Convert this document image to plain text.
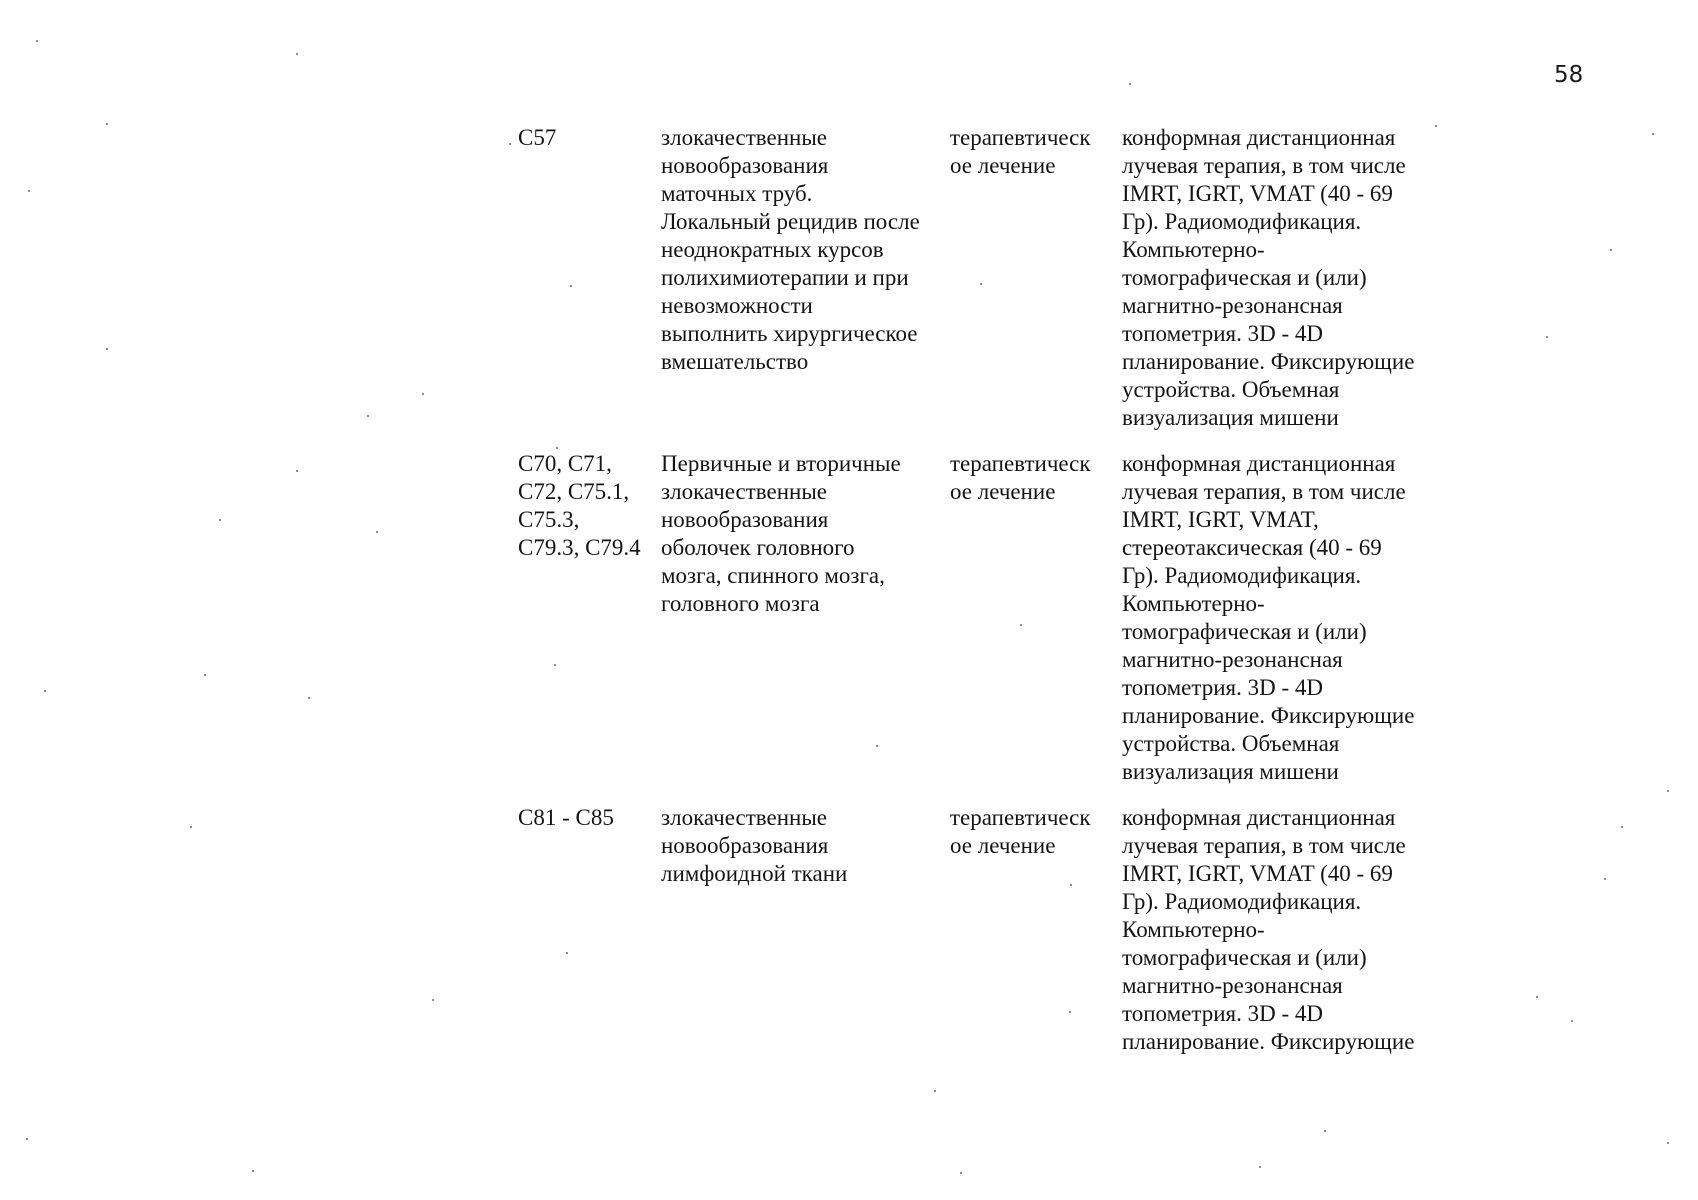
58
C57	злокачественные
новообразования
маточных труб.
Локальный рецидив после
неоднократных курсов
полихимиотерапии и при
невозможности
выполнить хирургическое
вмешательство
терапевтическ
ое лечение
конформная дистанционная
лучевая терапия, в том числе
IMRT, IGRT, VMAT (40 - 69
Гр). Радиомодификация.
Компьютерно-
томографическая и (или)
магнитно-резонансная
топометрия. 3D - 4D
планирование. Фиксирующие
устройства. Объемная
визуализация мишени
C70, C71,
C72, C75.1,
C75.3,
C79.3, C79.4
Первичные и вторичные
злокачественные
новообразования
оболочек головного
мозга, спинного мозга,
головного мозга
терапевтическ
ое лечение
конформная дистанционная
лучевая терапия, в том числе
IMRT, IGRT, VMAT,
стереотаксическая (40 - 69
Гр). Радиомодификация.
Компьютерно-
томографическая и (или)
магнитно-резонансная
топометрия. 3D - 4D
планирование. Фиксирующие
устройства. Объемная
визуализация мишени
C81 - C85	злокачественные
новообразования
лимфоидной ткани
терапевтическ
ое лечение
конформная дистанционная
лучевая терапия, в том числе
IMRT, IGRT, VMAT (40 - 69
Гр). Радиомодификация.
Компьютерно-
томографическая и (или)
магнитно-резонансная
топометрия. 3D - 4D
планирование. Фиксирующие
